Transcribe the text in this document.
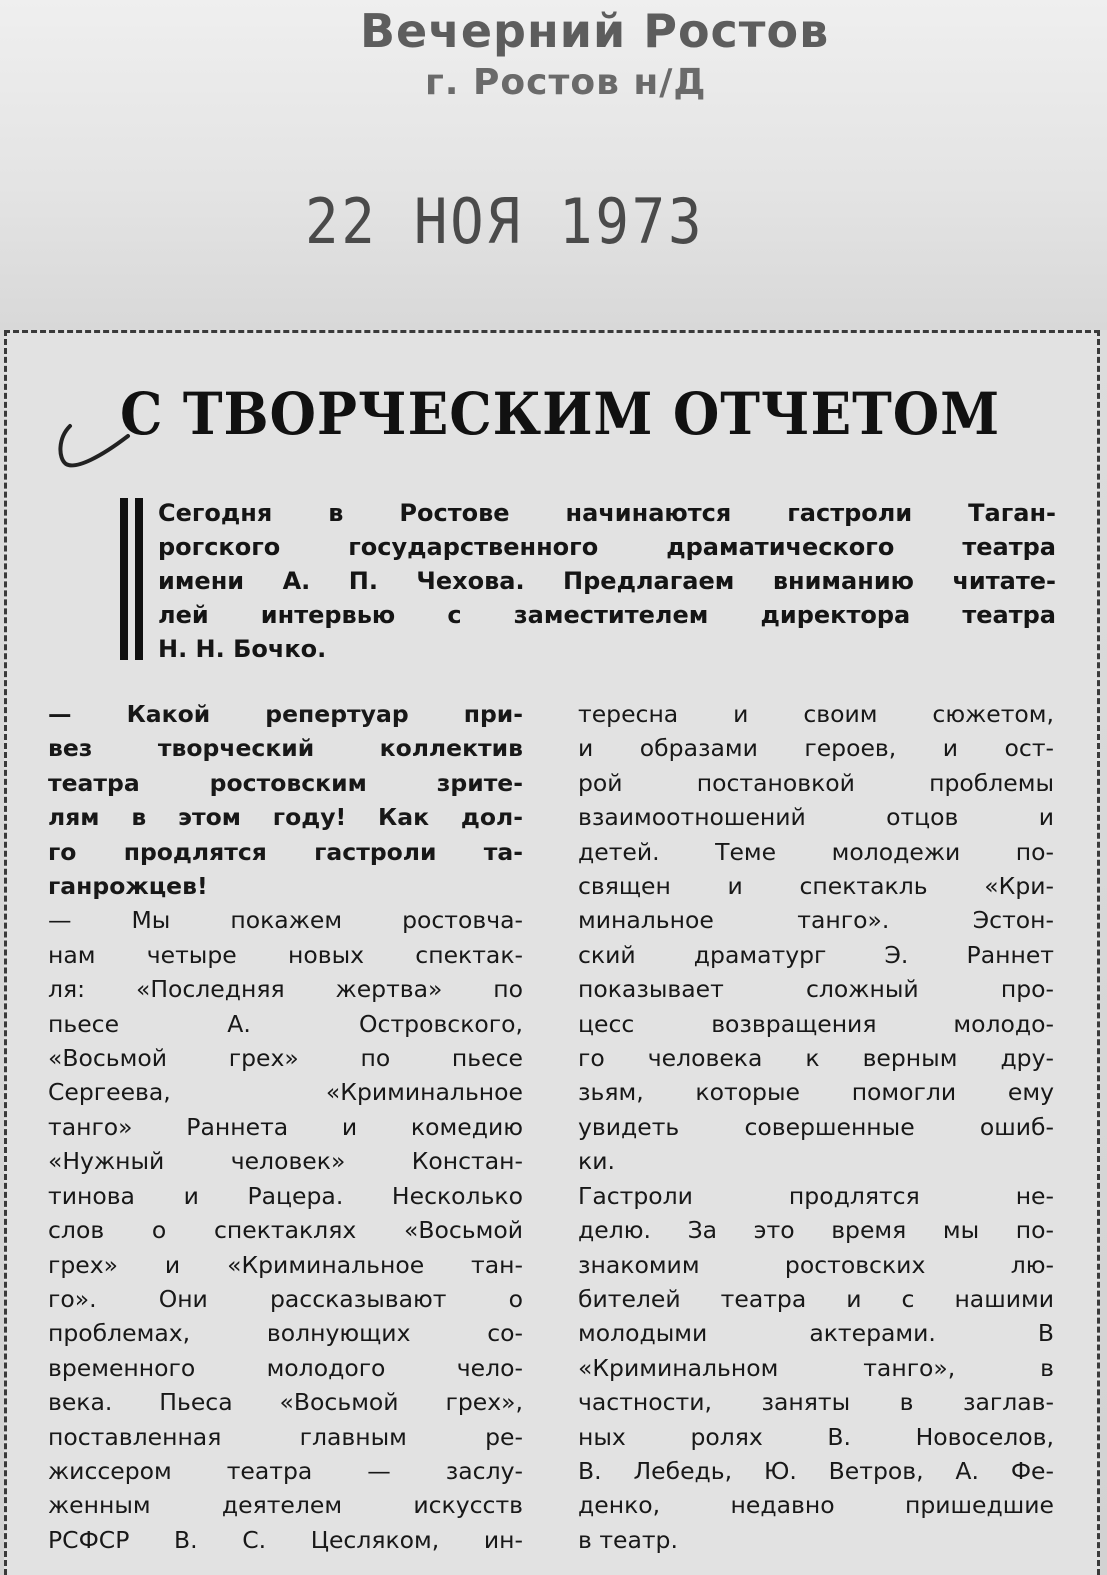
Вечерний Ростов
г. Ростов н/Д
22 НОЯ 1973
С ТВОРЧЕСКИМ ОТЧЕТОМ
Сегодня в Ростове начинаются гастроли Таган-
рогского государственного драматического театра
имени А. П. Чехова. Предлагаем вниманию читате-
лей интервью с заместителем директора театра
Н. Н. Бочко.
— Какой репертуар при-
вез творческий коллектив
театра ростовским зрите-
лям в этом году! Как дол-
го продлятся гастроли та-
ганрожцев!
— Мы покажем ростовча-
нам четыре новых спектак-
ля: «Последняя жертва» по
пьесе А. Островского,
«Восьмой грех» по пьесе
Сергеева, «Криминальное
танго» Раннета и комедию
«Нужный человек» Констан-
тинова и Рацера. Несколько
слов о спектаклях «Восьмой
грех» и «Криминальное тан-
го». Они рассказывают о
проблемах, волнующих со-
временного молодого чело-
века. Пьеса «Восьмой грех»,
поставленная главным ре-
жиссером театра — заслу-
женным деятелем искусств
РСФСР В. С. Цесляком, ин-
тересна и своим сюжетом,
и образами героев, и ост-
рой постановкой проблемы
взаимоотношений отцов и
детей. Теме молодежи по-
священ и спектакль «Кри-
минальное танго». Эстон-
ский драматург Э. Раннет
показывает сложный про-
цесс возвращения молодо-
го человека к верным дру-
зьям, которые помогли ему
увидеть совершенные ошиб-
ки.
Гастроли продлятся не-
делю. За это время мы по-
знакомим ростовских лю-
бителей театра и с нашими
молодыми актерами. В
«Криминальном танго», в
частности, заняты в заглав-
ных ролях В. Новоселов,
В. Лебедь, Ю. Ветров, А. Фе-
денко, недавно пришедшие
в театр.
